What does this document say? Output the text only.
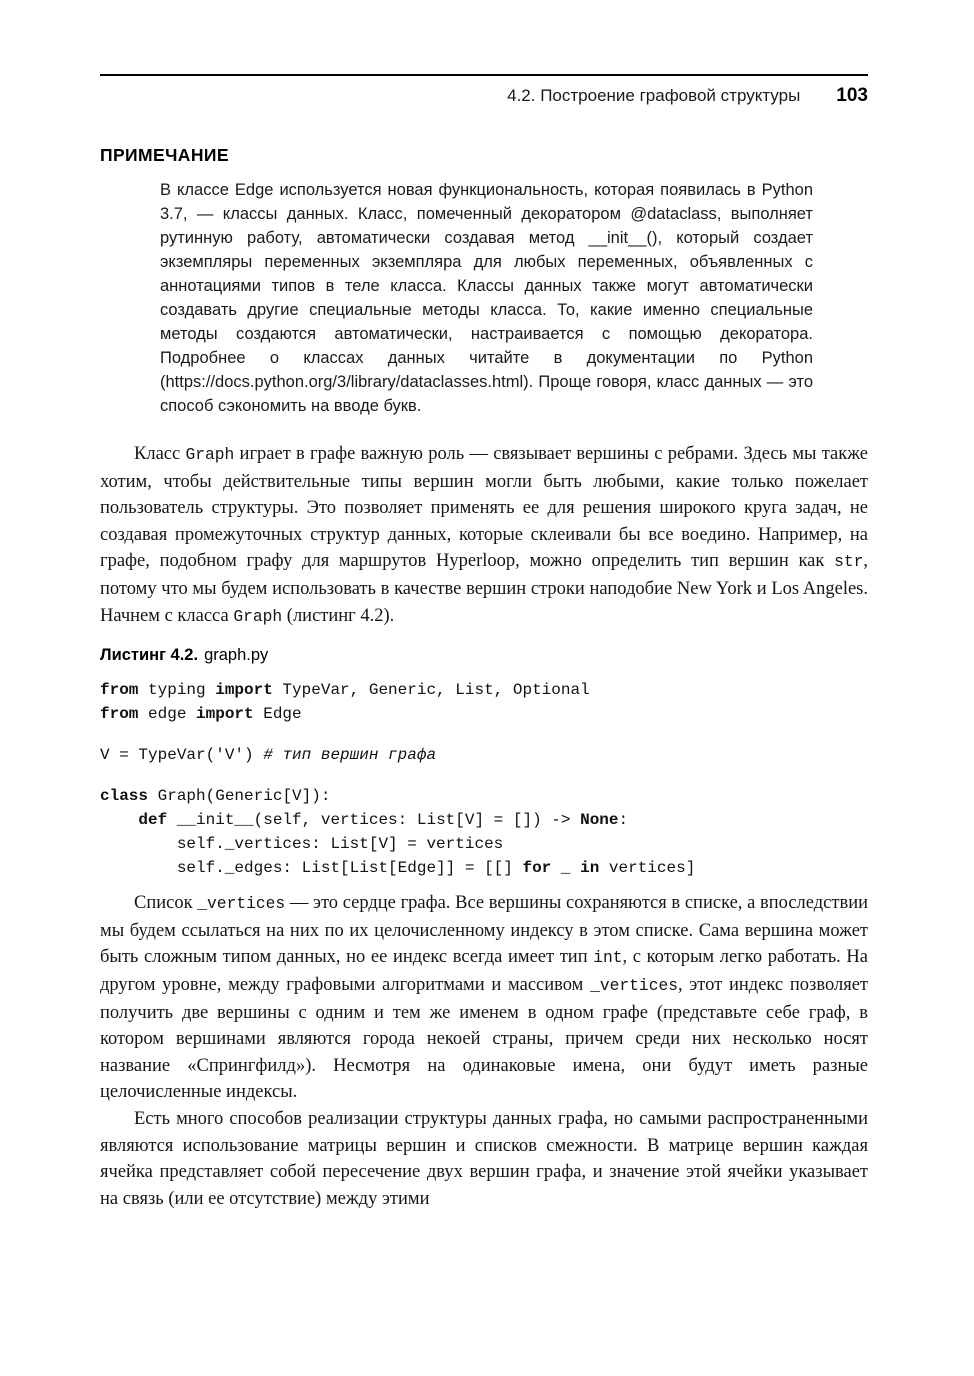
4.2. Построение графовой структуры 103
ПРИМЕЧАНИЕ

В классе Edge используется новая функциональность, которая появилась в Python 3.7, — классы данных. Класс, помеченный декоратором @dataclass, выполняет рутинную работу, автоматически создавая метод __init__(), который создает экземпляры переменных экземпляра для любых переменных, объявленных с аннотациями типов в теле класса. Классы данных также могут автоматически создавать другие специальные методы класса. То, какие именно специальные методы создаются автоматически, настраивается с помощью декоратора. Подробнее о классах данных читайте в документации по Python (https://docs.python.org/3/library/dataclasses.html). Проще говоря, класс данных — это способ сэкономить на вводе букв.

Класс Graph играет в графе важную роль — связывает вершины с ребрами. Здесь мы также хотим, чтобы действительные типы вершин могли быть любыми, какие только пожелает пользователь структуры. Это позволяет применять ее для решения широкого круга задач, не создавая промежуточных структур данных, которые склеивали бы все воедино. Например, на графе, подобном графу для маршрутов Hyperloop, можно определить тип вершин как str, потому что мы будем использовать в качестве вершин строки наподобие New York и Los Angeles. Начнем с класса Graph (листинг 4.2).

Листинг 4.2. graph.py
from typing import TypeVar, Generic, List, Optional
from edge import Edge
V = TypeVar('V') # тип вершин графа
class Graph(Generic[V]):
def __init__(self, vertices: List[V] = []) -> None:
self._vertices: List[V] = vertices
self._edges: List[List[Edge]] = [[] for _ in vertices]

Список _vertices — это сердце графа. Все вершины сохраняются в списке, а впоследствии мы будем ссылаться на них по их целочисленному индексу в этом списке. Сама вершина может быть сложным типом данных, но ее индекс всегда имеет тип int, с которым легко работать. На другом уровне, между графовыми алгоритмами и массивом _vertices, этот индекс позволяет получить две вершины с одним и тем же именем в одном графе (представьте себе граф, в котором вершинами являются города некоей страны, причем среди них несколько носят название «Спрингфилд»). Несмотря на одинаковые имена, они будут иметь разные целочисленные индексы.

Есть много способов реализации структуры данных графа, но самыми распространенными являются использование матрицы вершин и списков смежности. В матрице вершин каждая ячейка представляет собой пересечение двух вершин графа, и значение этой ячейки указывает на связь (или ее отсутствие) между этими
